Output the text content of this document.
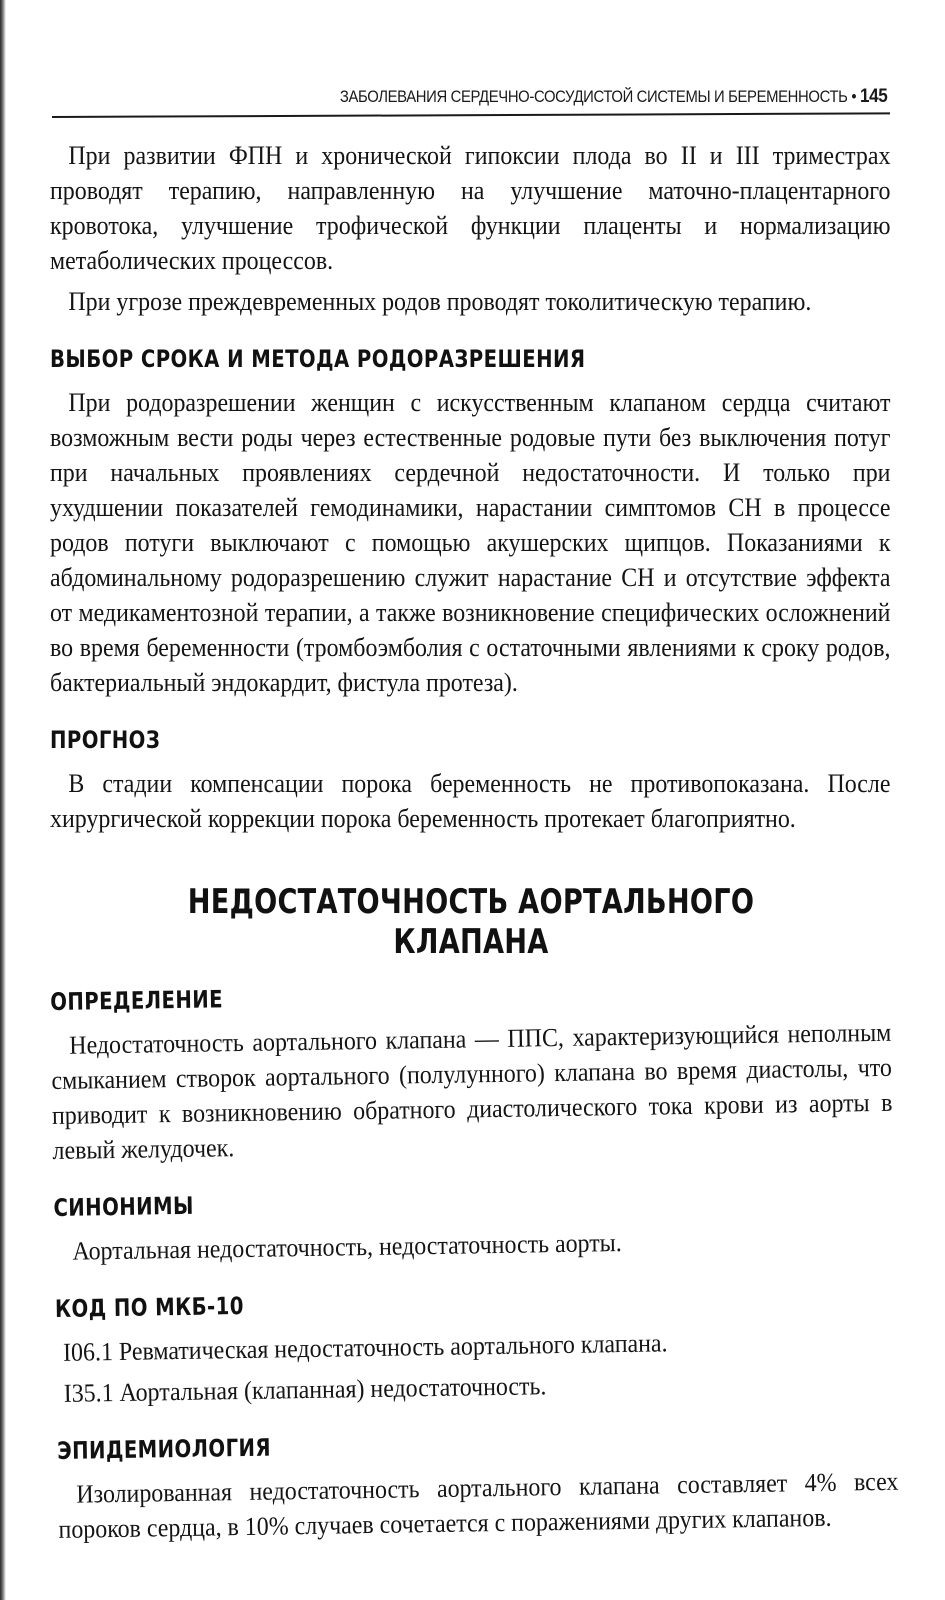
ЗАБОЛЕВАНИЯ СЕРДЕЧНО-СОСУДИСТОЙ СИСТЕМЫ И БЕРЕМЕННОСТЬ • 145

При развитии ФПН и хронической гипоксии плода во II и III триместрах проводят терапию, направленную на улучшение маточно-плацентарного кровотока, улучшение трофической функции плаценты и нормализацию метаболических процессов.

При угрозе преждевременных родов проводят токолитическую терапию.

ВЫБОР СРОКА И МЕТОДА РОДОРАЗРЕШЕНИЯ

При родоразрешении женщин с искусственным клапаном сердца считают возможным вести роды через естественные родовые пути без выключения потуг при начальных проявлениях сердечной недостаточности. И только при ухудшении показателей гемодинамики, нарастании симптомов СН в процессе родов потуги выключают с помощью акушерских щипцов. Показаниями к абдоминальному родоразрешению служит нарастание СН и отсутствие эффекта от медикаментозной терапии, а также возникновение специфических осложнений во время беременности (тромбоэмболия с остаточными явлениями к сроку родов, бактериальный эндокардит, фистула протеза).

ПРОГНОЗ

В стадии компенсации порока беременность не противопоказана. После хирургической коррекции порока беременность протекает благоприятно.

НЕДОСТАТОЧНОСТЬ АОРТАЛЬНОГО КЛАПАНА
ОПРЕДЕЛЕНИЕ

Недостаточность аортального клапана — ППС, характеризующийся неполным смыканием створок аортального (полулунного) клапана во время диастолы, что приводит к возникновению обратного диастолического тока крови из аорты в левый желудочек.

СИНОНИМЫ

Аортальная недостаточность, недостаточность аорты.

КОД ПО МКБ-10

I06.1 Ревматическая недостаточность аортального клапана.

I35.1 Аортальная (клапанная) недостаточность.

ЭПИДЕМИОЛОГИЯ

Изолированная недостаточность аортального клапана составляет 4% всех пороков сердца, в 10% случаев сочетается с поражениями других клапанов.
